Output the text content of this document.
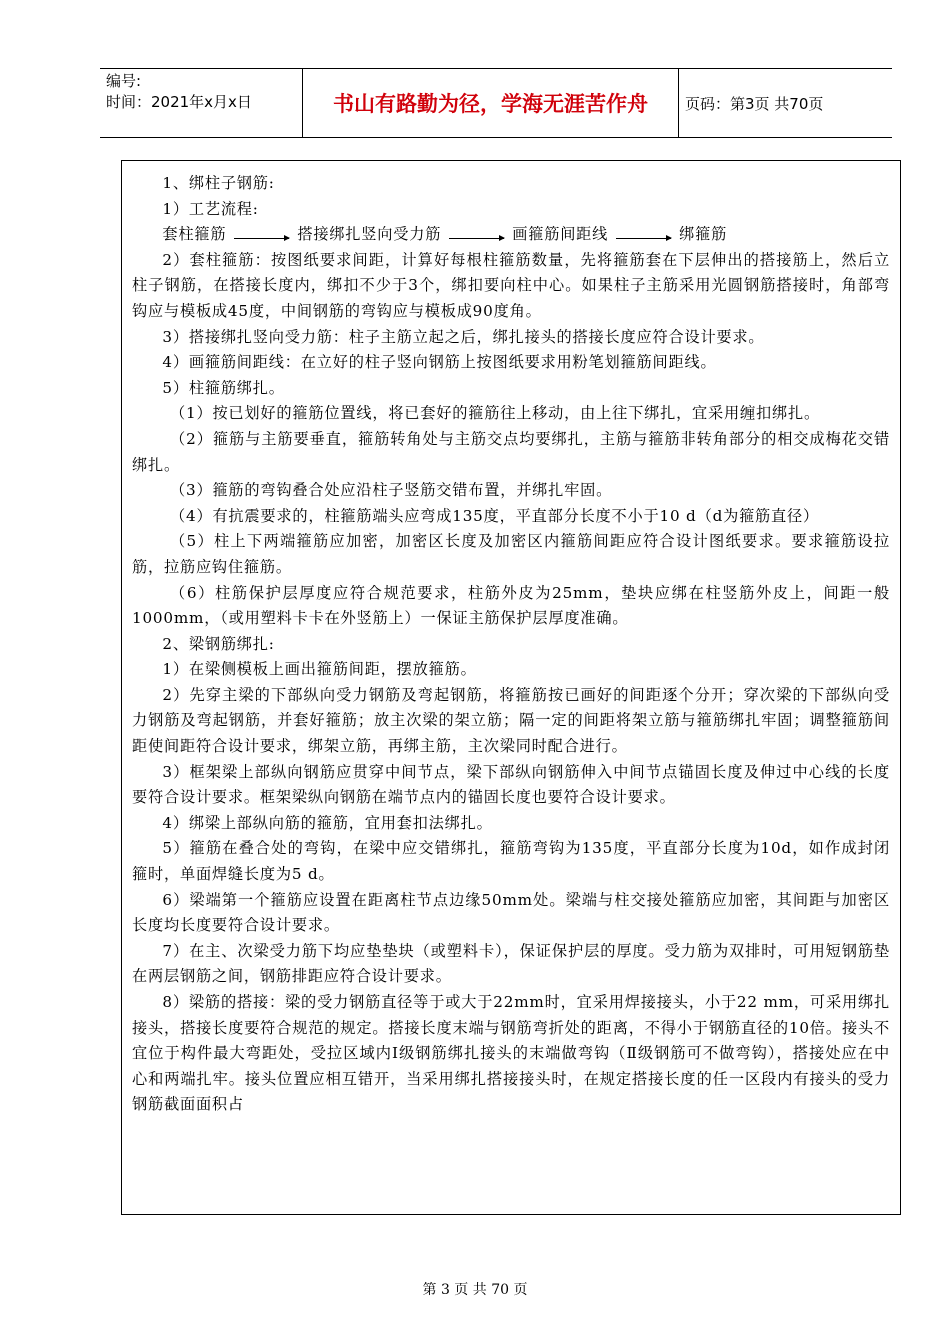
编号:
时间：2021年x月x日	书山有路勤为径，学海无涯苦作舟	页码：第3页 共70页

1、绑柱子钢筋:

1）工艺流程:

套柱箍筋	搭接绑扎竖向受力筋	画箍筋间距线	绑箍筋

2）套柱箍筋：按图纸要求间距，计算好每根柱箍筋数量，先将箍筋套在下层伸出的搭接筋上，然后立柱子钢筋，在搭接长度内，绑扣不少于3个，绑扣要向柱中心。如果柱子主筋采用光圆钢筋搭接时，角部弯钩应与模板成45度，中间钢筋的弯钩应与模板成90度角。

3）搭接绑扎竖向受力筋：柱子主筋立起之后，绑扎接头的搭接长度应符合设计要求。

4）画箍筋间距线：在立好的柱子竖向钢筋上按图纸要求用粉笔划箍筋间距线。

5）柱箍筋绑扎。

（1）按已划好的箍筋位置线，将已套好的箍筋往上移动，由上往下绑扎，宜采用缠扣绑扎。

（2）箍筋与主筋要垂直，箍筋转角处与主筋交点均要绑扎，主筋与箍筋非转角部分的相交成梅花交错绑扎。

（3）箍筋的弯钩叠合处应沿柱子竖筋交错布置，并绑扎牢固。

（4）有抗震要求的，柱箍筋端头应弯成135度，平直部分长度不小于10 d（d为箍筋直径）

（5）柱上下两端箍筋应加密，加密区长度及加密区内箍筋间距应符合设计图纸要求。要求箍筋设拉筋，拉筋应钩住箍筋。

（6）柱筋保护层厚度应符合规范要求，柱筋外皮为25mm，垫块应绑在柱竖筋外皮上，间距一般1000mm，（或用塑料卡卡在外竖筋上）一保证主筋保护层厚度准确。

2、梁钢筋绑扎:

1）在梁侧模板上画出箍筋间距，摆放箍筋。

2）先穿主梁的下部纵向受力钢筋及弯起钢筋，将箍筋按已画好的间距逐个分开；穿次梁的下部纵向受力钢筋及弯起钢筋，并套好箍筋；放主次梁的架立筋；隔一定的间距将架立筋与箍筋绑扎牢固；调整箍筋间距使间距符合设计要求，绑架立筋，再绑主筋，主次梁同时配合进行。

3）框架梁上部纵向钢筋应贯穿中间节点，梁下部纵向钢筋伸入中间节点锚固长度及伸过中心线的长度要符合设计要求。框架梁纵向钢筋在端节点内的锚固长度也要符合设计要求。

4）绑梁上部纵向筋的箍筋，宜用套扣法绑扎。

5）箍筋在叠合处的弯钩，在梁中应交错绑扎，箍筋弯钩为135度，平直部分长度为10d，如作成封闭箍时，单面焊缝长度为5 d。

6）梁端第一个箍筋应设置在距离柱节点边缘50mm处。梁端与柱交接处箍筋应加密，其间距与加密区长度均长度要符合设计要求。

7）在主、次梁受力筋下均应垫垫块（或塑料卡），保证保护层的厚度。受力筋为双排时，可用短钢筋垫在两层钢筋之间，钢筋排距应符合设计要求。

8）梁筋的搭接：梁的受力钢筋直径等于或大于22mm时，宜采用焊接接头，小于22 mm，可采用绑扎接头，搭接长度要符合规范的规定。搭接长度末端与钢筋弯折处的距离，不得小于钢筋直径的10倍。接头不宜位于构件最大弯距处，受拉区域内Ⅰ级钢筋绑扎接头的末端做弯钩（Ⅱ级钢筋可不做弯钩），搭接处应在中心和两端扎牢。接头位置应相互错开，当采用绑扎搭接接头时，在规定搭接长度的任一区段内有接头的受力钢筋截面面积占

第 3 页 共 70 页
